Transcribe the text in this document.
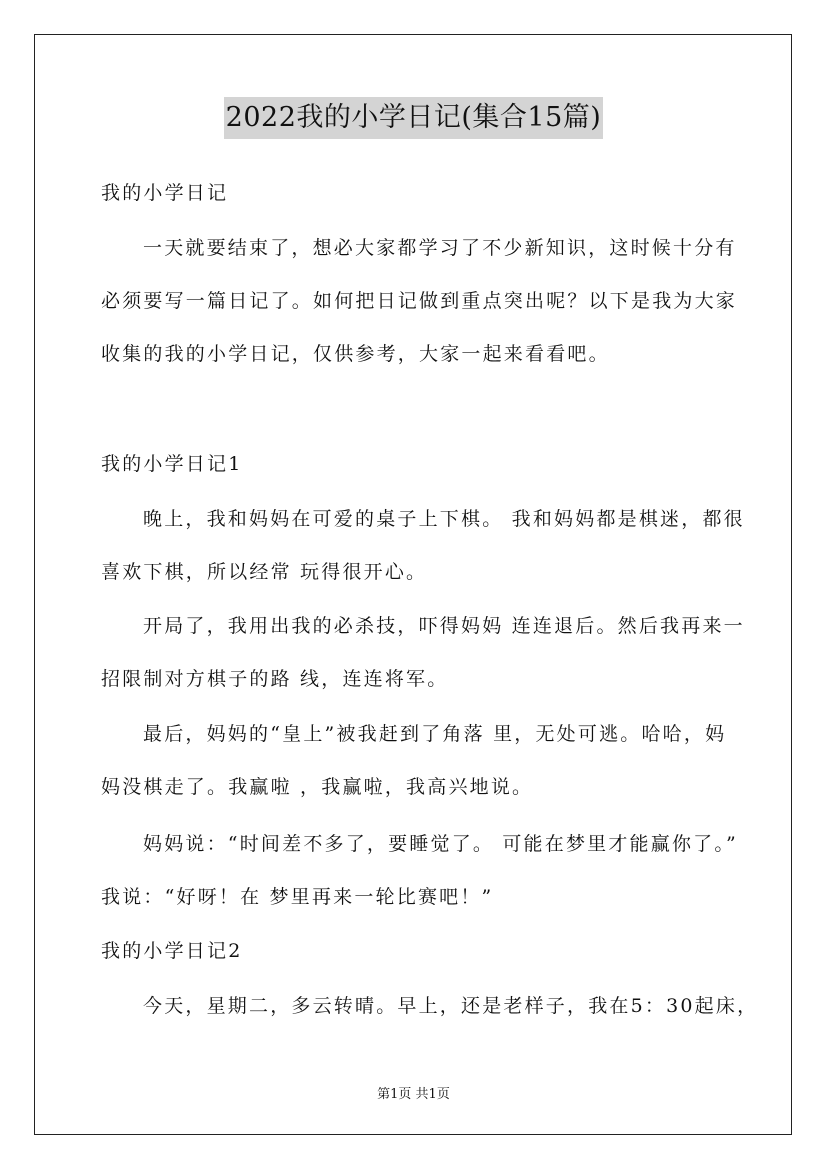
2022我的小学日记(集合15篇)
我的小学日记
一天就要结束了，想必大家都学习了不少新知识，这时候十分有
必须要写一篇日记了。如何把日记做到重点突出呢？以下是我为大家
收集的我的小学日记，仅供参考，大家一起来看看吧。
我的小学日记1
晚上，我和妈妈在可爱的桌子上下棋。 我和妈妈都是棋迷，都很
喜欢下棋，所以经常 玩得很开心。
开局了，我用出我的必杀技，吓得妈妈 连连退后。然后我再来一
招限制对方棋子的路 线，连连将军。
最后，妈妈的“皇上”被我赶到了角落 里，无处可逃。哈哈，妈
妈没棋走了。我赢啦 ，我赢啦，我高兴地说。
妈妈说：“时间差不多了，要睡觉了。 可能在梦里才能赢你了。”
我说：“好呀！在 梦里再来一轮比赛吧！”
我的小学日记2
今天，星期二，多云转晴。早上，还是老样子，我在5：30起床，
第1页 共1页
